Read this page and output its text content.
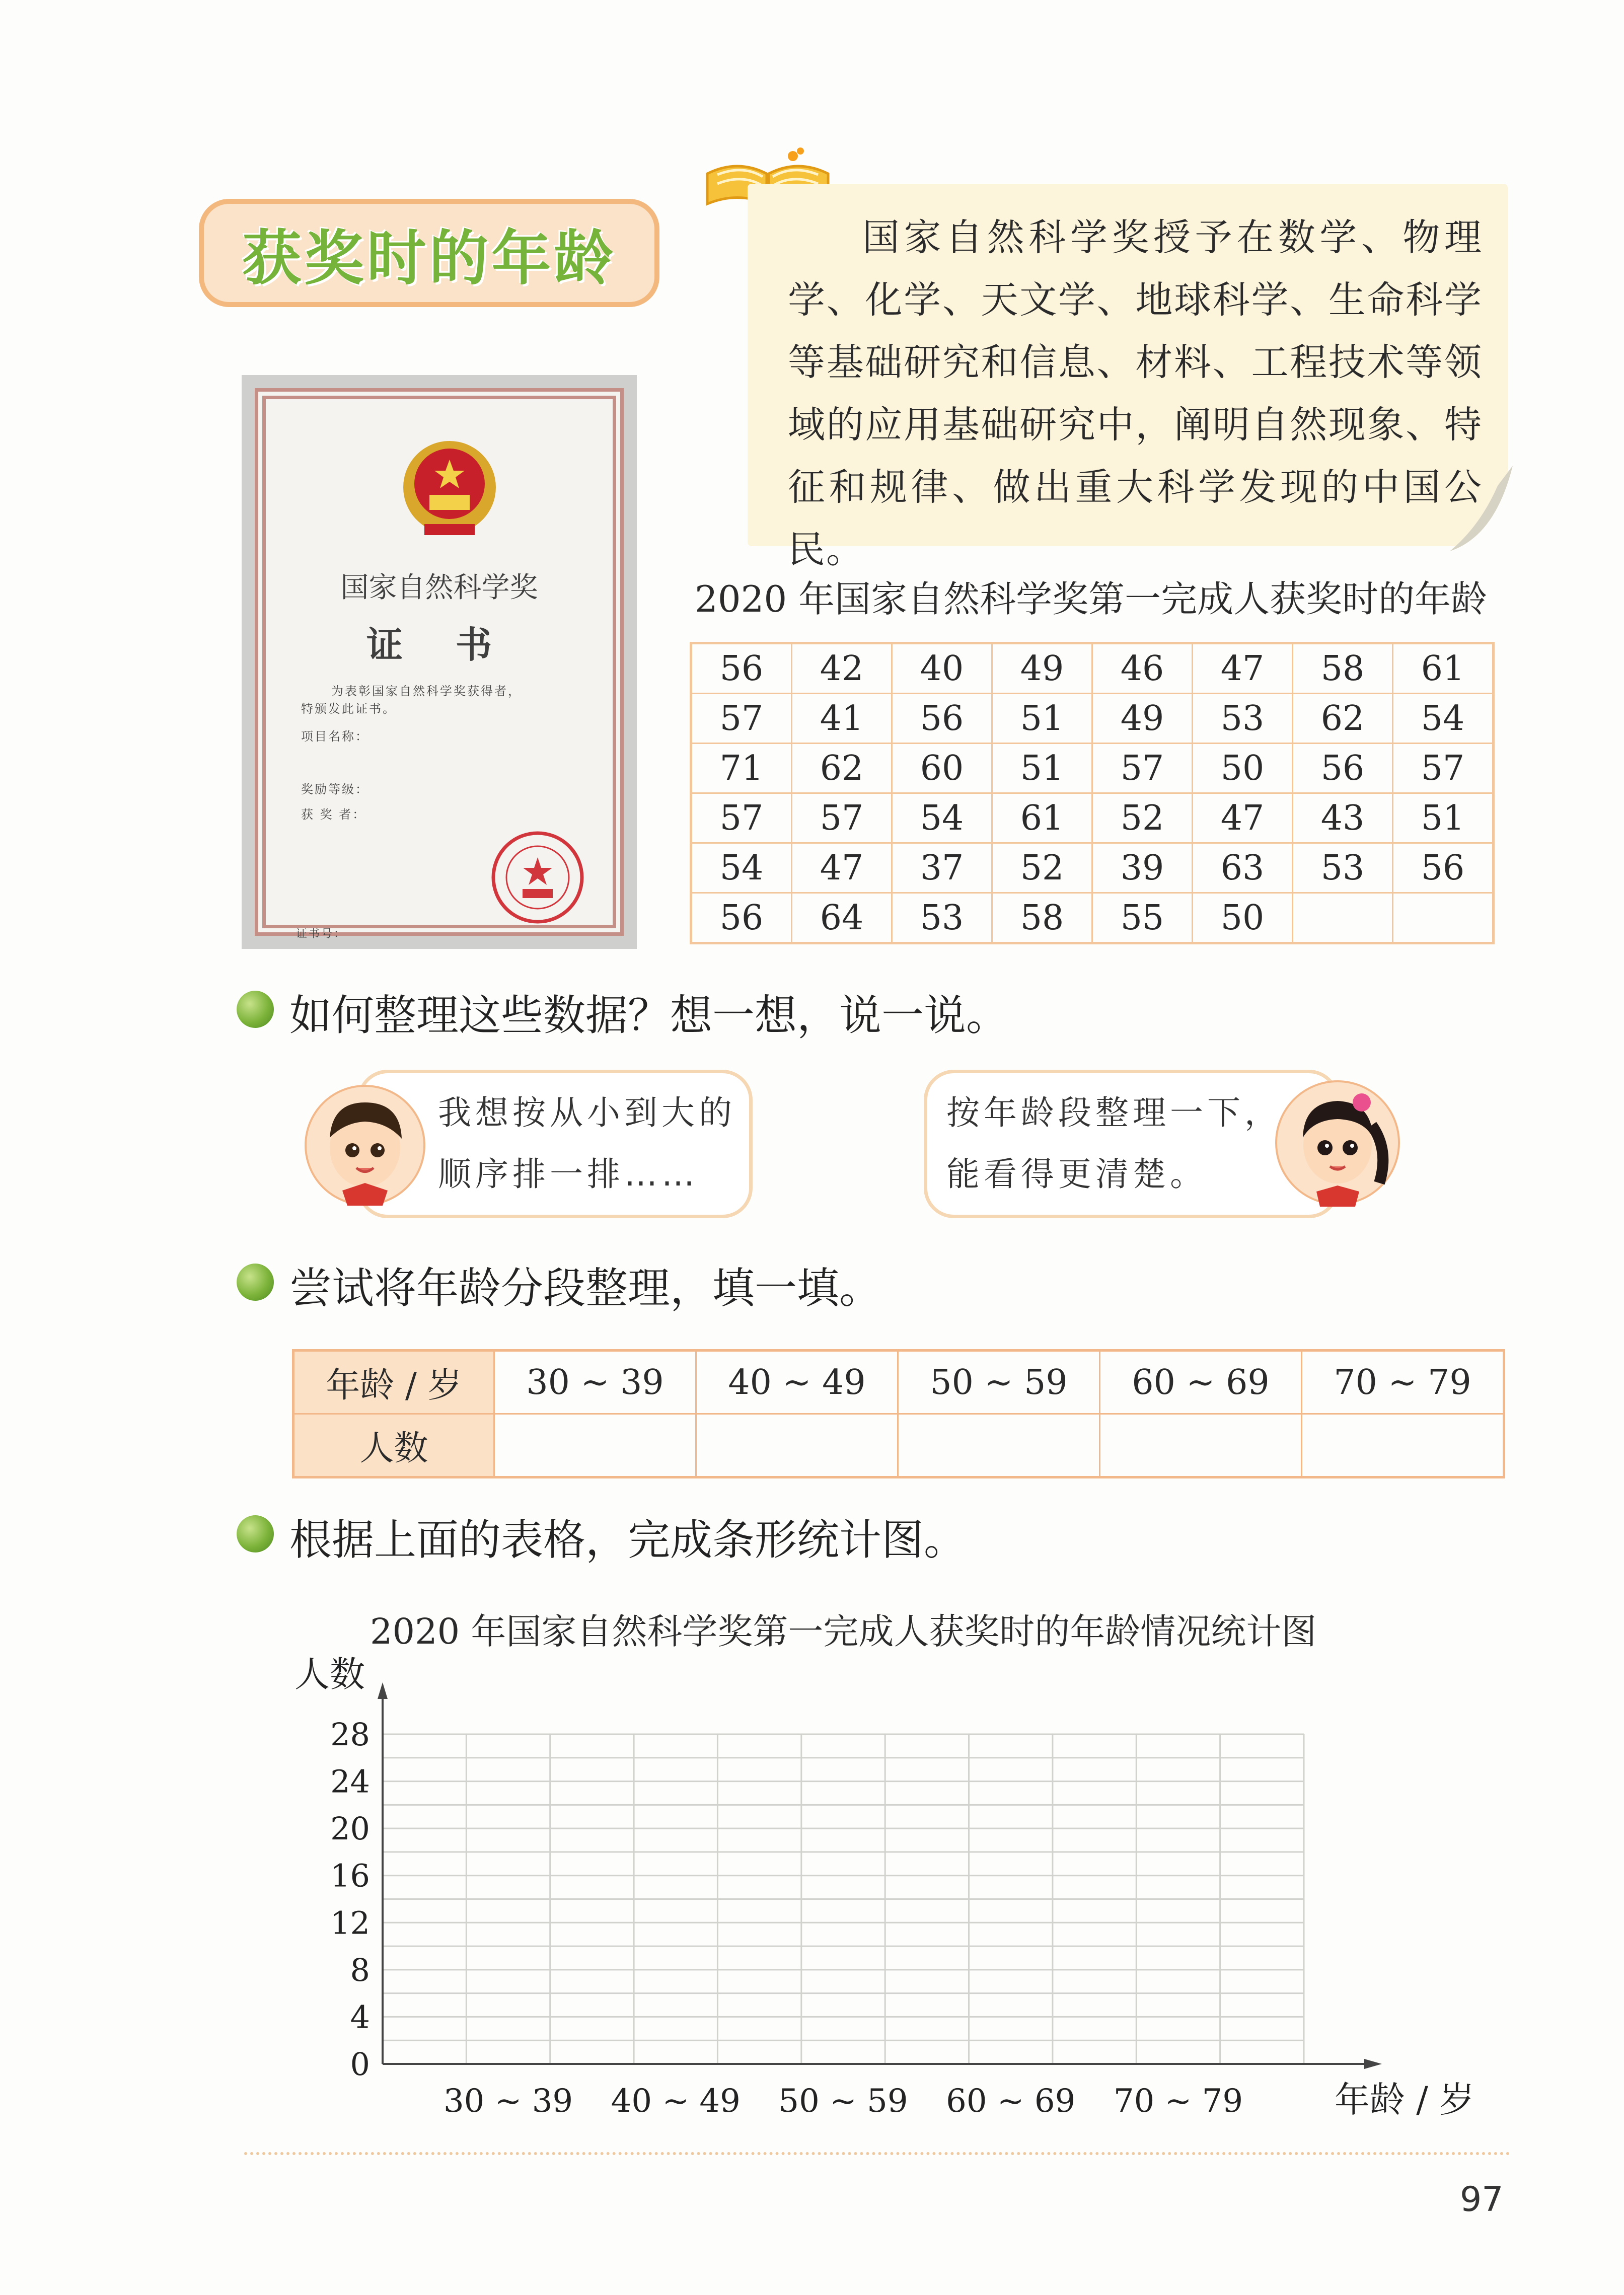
获奖时的年龄	国家自然科学奖授予在数学、物理学、化学、天文学、地球科学、生命科学等基础研究和信息、材料、工程技术等领域的应用基础研究中，阐明自然现象、特征和规律、做出重大科学发现的中国公民。
国家自然科学奖
证 书
为表彰国家自然科学奖获得者，
特颁发此证书。
项目名称：
奖励等级：
获 奖 者：
证书号：
2020 年国家自然科学奖第一完成人获奖时的年龄
56	42	40	49	46	47	58	61
57	41	56	51	49	53	62	54
71	62	60	51	57	50	56	57
57	57	54	61	52	47	43	51
54	47	37	52	39	63	53	56
56	64	53	58	55	50		
如何整理这些数据？想一想，说一说。
我想按从小到大的
顺序排一排……
按年龄段整理一下，
能看得更清楚。
尝试将年龄分段整理，填一填。
年龄 / 岁	30 ~ 39	40 ~ 49	50 ~ 59	60 ~ 69	70 ~ 79
人数					
根据上面的表格，完成条形统计图。
2020 年国家自然科学奖第一完成人获奖时的年龄情况统计图
0
4
8
12
16
20
24
28
人数
30 ~ 39 40 ~ 49 50 ~ 59 60 ~ 69 70 ~ 79	年龄 / 岁
97
